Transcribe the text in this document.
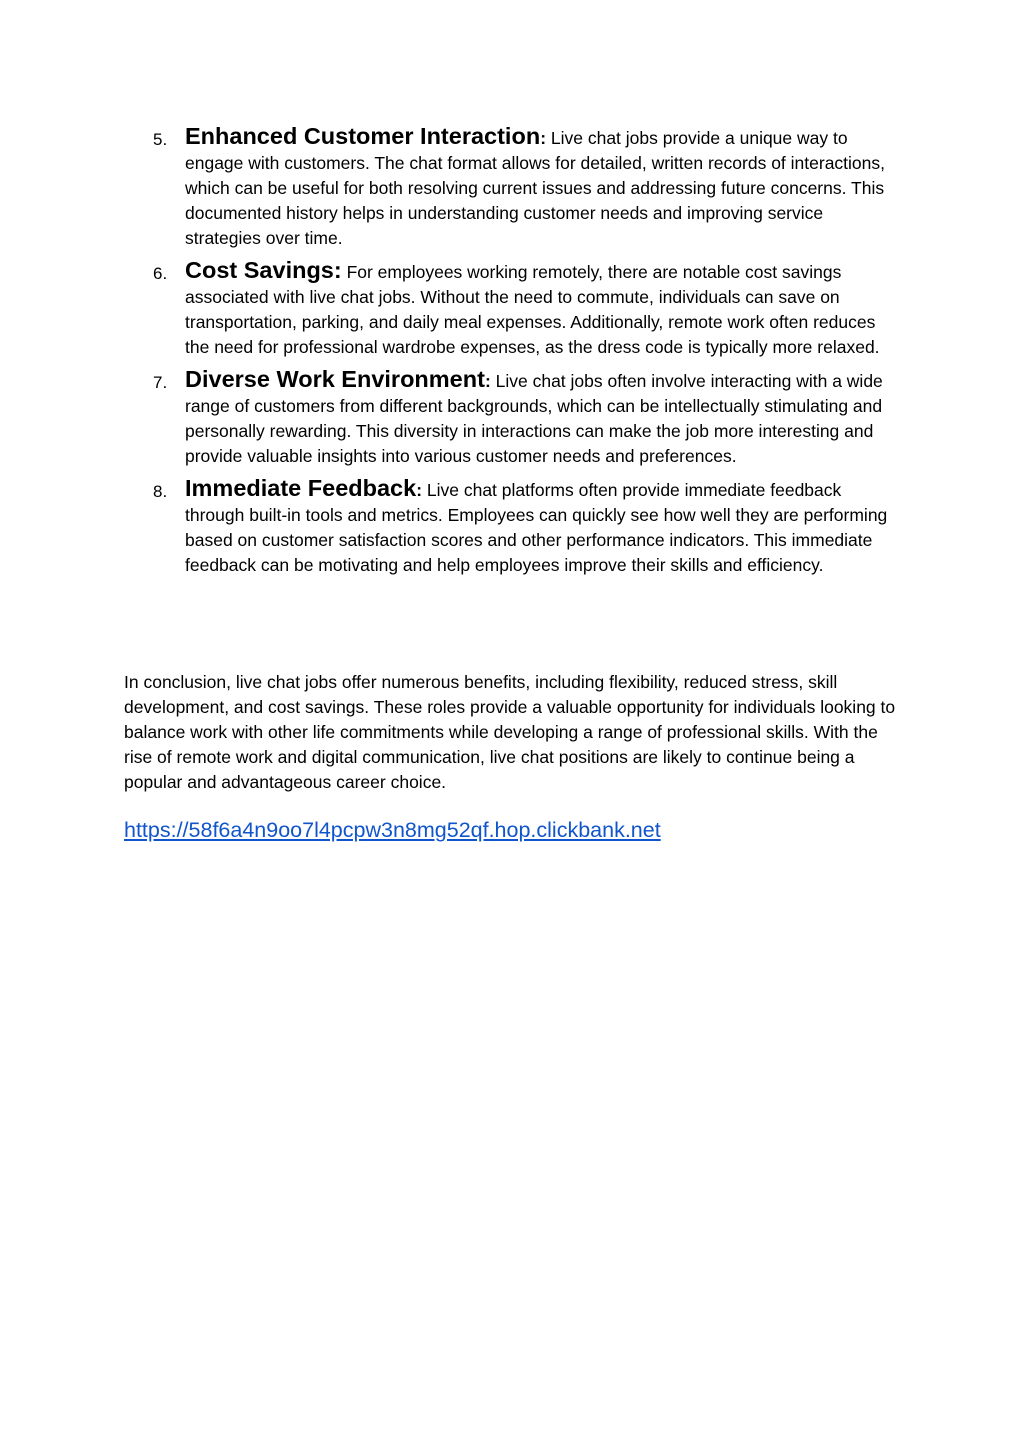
5. Enhanced Customer Interaction: Live chat jobs provide a unique way to engage with customers. The chat format allows for detailed, written records of interactions, which can be useful for both resolving current issues and addressing future concerns. This documented history helps in understanding customer needs and improving service strategies over time.
6. Cost Savings: For employees working remotely, there are notable cost savings associated with live chat jobs. Without the need to commute, individuals can save on transportation, parking, and daily meal expenses. Additionally, remote work often reduces the need for professional wardrobe expenses, as the dress code is typically more relaxed.
7. Diverse Work Environment: Live chat jobs often involve interacting with a wide range of customers from different backgrounds, which can be intellectually stimulating and personally rewarding. This diversity in interactions can make the job more interesting and provide valuable insights into various customer needs and preferences.
8. Immediate Feedback: Live chat platforms often provide immediate feedback through built-in tools and metrics. Employees can quickly see how well they are performing based on customer satisfaction scores and other performance indicators. This immediate feedback can be motivating and help employees improve their skills and efficiency.

In conclusion, live chat jobs offer numerous benefits, including flexibility, reduced stress, skill development, and cost savings. These roles provide a valuable opportunity for individuals looking to balance work with other life commitments while developing a range of professional skills. With the rise of remote work and digital communication, live chat positions are likely to continue being a popular and advantageous career choice.

https://58f6a4n9oo7l4pcpw3n8mg52qf.hop.clickbank.net
